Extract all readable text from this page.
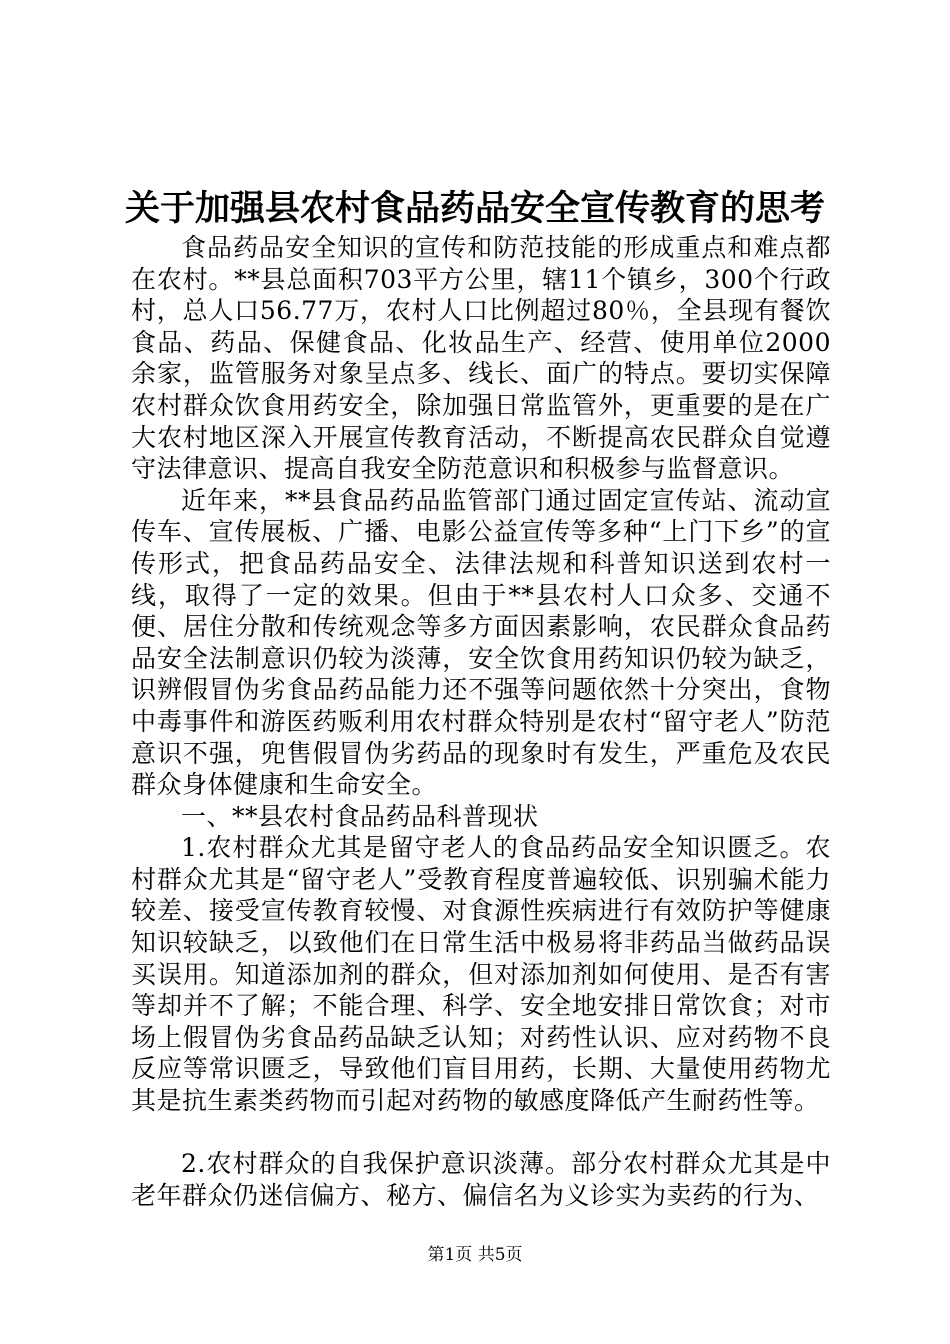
关于加强县农村食品药品安全宣传教育的思考

食品药品安全知识的宣传和防范技能的形成重点和难点都在农村。**县总面积703平方公里，辖11个镇乡，300个行政村，总人口56.77万，农村人口比例超过80％，全县现有餐饮食品、药品、保健食品、化妆品生产、经营、使用单位2000余家，监管服务对象呈点多、线长、面广的特点。要切实保障农村群众饮食用药安全，除加强日常监管外，更重要的是在广大农村地区深入开展宣传教育活动，不断提高农民群众自觉遵守法律意识、提高自我安全防范意识和积极参与监督意识。

近年来，**县食品药品监管部门通过固定宣传站、流动宣传车、宣传展板、广播、电影公益宣传等多种“上门下乡”的宣传形式，把食品药品安全、法律法规和科普知识送到农村一线，取得了一定的效果。但由于**县农村人口众多、交通不便、居住分散和传统观念等多方面因素影响，农民群众食品药品安全法制意识仍较为淡薄，安全饮食用药知识仍较为缺乏，识辨假冒伪劣食品药品能力还不强等问题依然十分突出，食物中毒事件和游医药贩利用农村群众特别是农村“留守老人”防范意识不强，兜售假冒伪劣药品的现象时有发生，严重危及农民群众身体健康和生命安全。

一、**县农村食品药品科普现状

1.农村群众尤其是留守老人的食品药品安全知识匮乏。农村群众尤其是“留守老人”受教育程度普遍较低、识别骗术能力较差、接受宣传教育较慢、对食源性疾病进行有效防护等健康知识较缺乏，以致他们在日常生活中极易将非药品当做药品误买误用。知道添加剂的群众，但对添加剂如何使用、是否有害等却并不了解；不能合理、科学、安全地安排日常饮食；对市场上假冒伪劣食品药品缺乏认知；对药性认识、应对药物不良反应等常识匮乏，导致他们盲目用药，长期、大量使用药物尤其是抗生素类药物而引起对药物的敏感度降低产生耐药性等。

2.农村群众的自我保护意识淡薄。部分农村群众尤其是中老年群众仍迷信偏方、秘方、偏信名为义诊实为卖药的行为、

第1页 共5页
